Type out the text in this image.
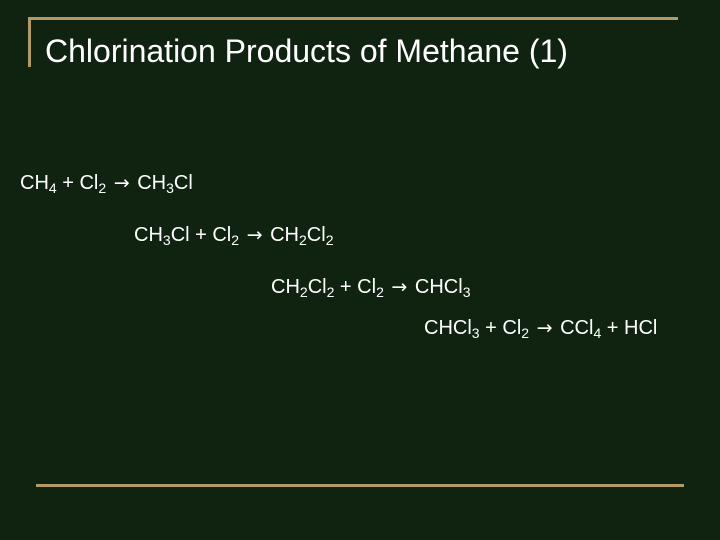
Chlorination Products of Methane (1)
$CH_4 + Cl_2 \to CH_3Cl$
$CH_3Cl + Cl_2 \to CH_2Cl_2$
$CH_2Cl_2 + Cl_2$ → CHCl$_3$
CHCl$_3$ + $Cl_2 \to CCl_4$ + HCl
